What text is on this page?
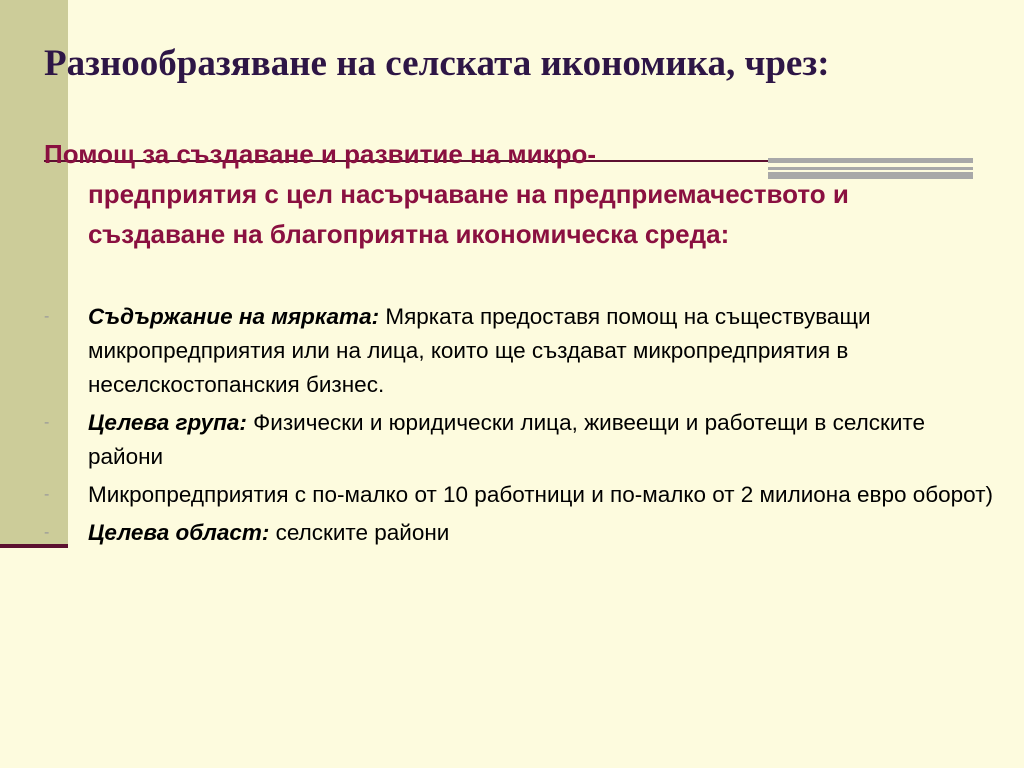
Разнообразяване на селската икономика, чрез:
Помощ за създаване и развитие на микро-
предприятия с цел насърчаване на предприемачеството и създаване на благоприятна икономическа среда:
- Съдържание на мярката: Мярката предоставя помощ на съществуващи микропредприятия или на лица, които ще създават микропредприятия в неселскостопанския бизнес.
- Целева група: Физически и юридически лица, живеещи и работещи в селските райони
- Микропредприятия с по-малко от 10 работници и по-малко от 2 милиона евро оборот)
- Целева област: селските райони
